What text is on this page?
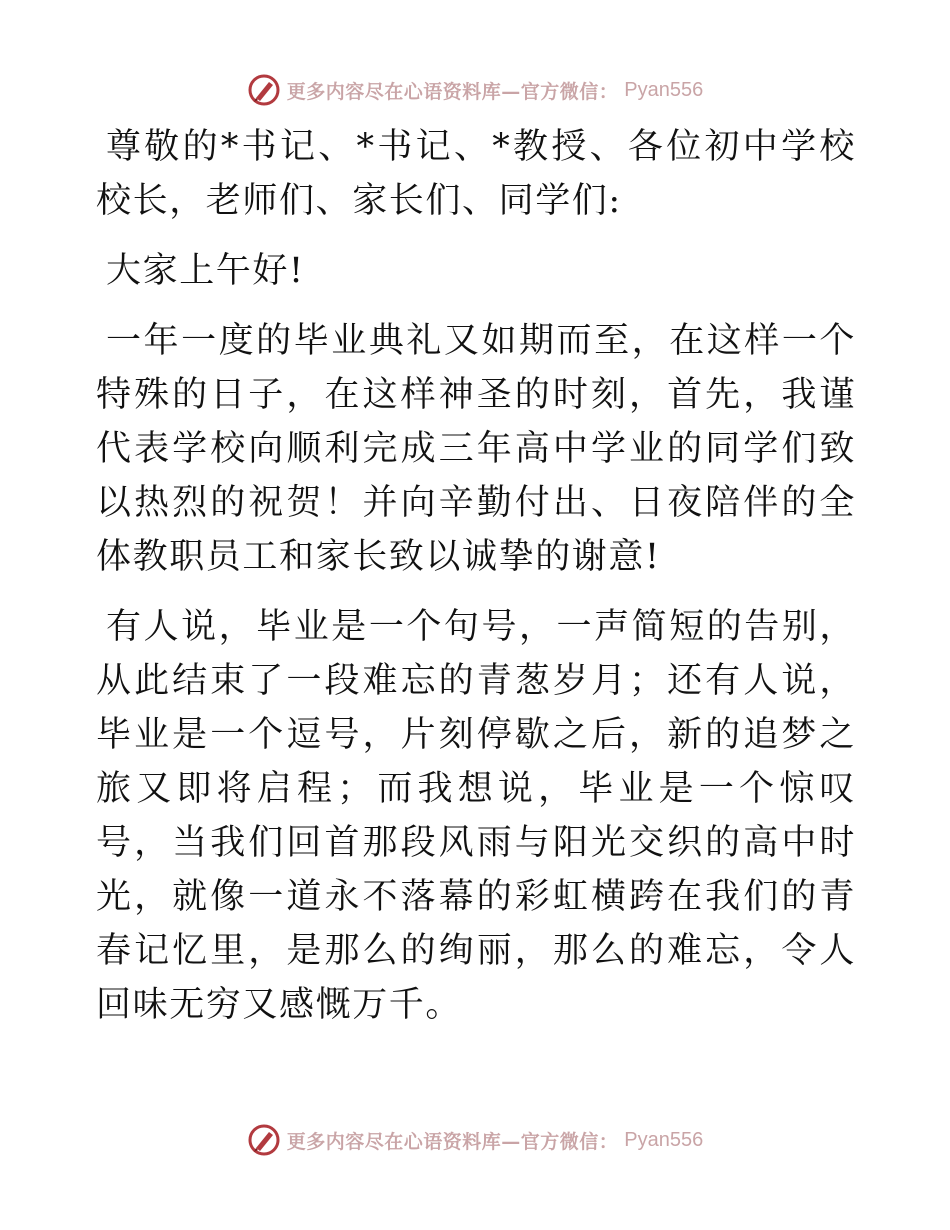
更多内容尽在心语资料库—官方微信： Pyan556

尊敬的*书记、*书记、*教授、各位初中学校校长，老师们、家长们、同学们:

大家上午好!

一年一度的毕业典礼又如期而至，在这样一个特殊的日子，在这样神圣的时刻，首先，我谨代表学校向顺利完成三年高中学业的同学们致以热烈的祝贺！并向辛勤付出、日夜陪伴的全体教职员工和家长致以诚挚的谢意!

有人说，毕业是一个句号，一声简短的告别，从此结束了一段难忘的青葱岁月；还有人说，毕业是一个逗号，片刻停歇之后，新的追梦之旅又即将启程；而我想说，毕业是一个惊叹号，当我们回首那段风雨与阳光交织的高中时光，就像一道永不落幕的彩虹横跨在我们的青春记忆里，是那么的绚丽，那么的难忘，令人回味无穷又感慨万千。

更多内容尽在心语资料库—官方微信： Pyan556
